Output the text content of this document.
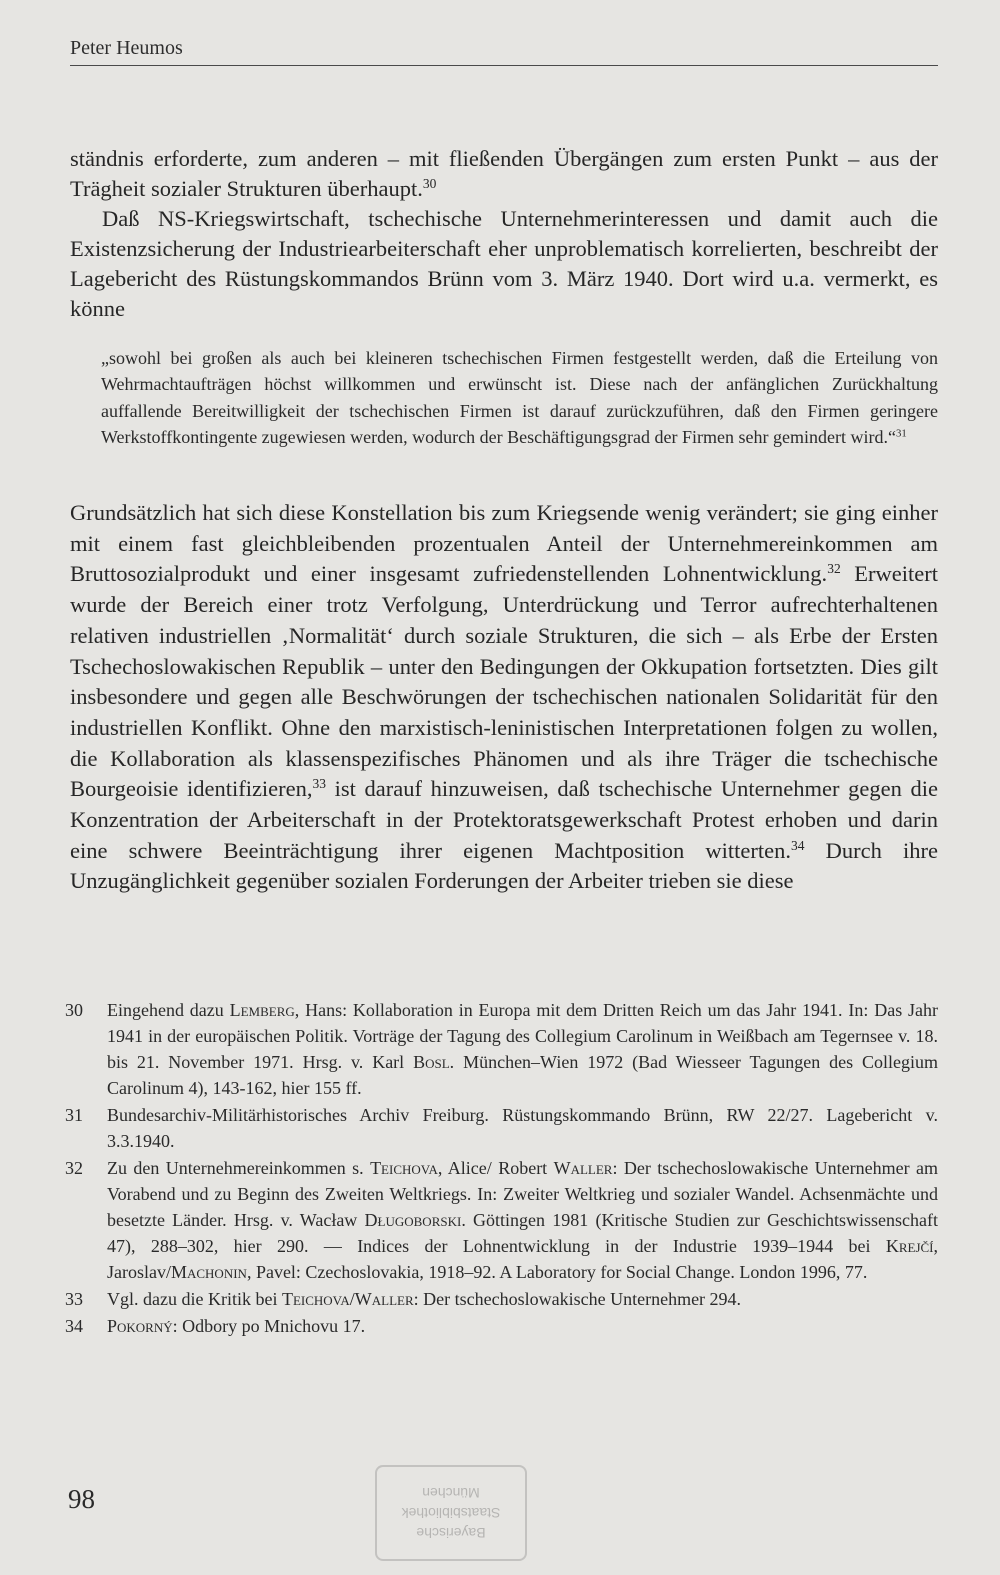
Peter Heumos

ständnis erforderte, zum anderen – mit fließenden Übergängen zum ersten Punkt – aus der Trägheit sozialer Strukturen überhaupt.$^{30}$

Daß NS-Kriegswirtschaft, tschechische Unternehmerinteressen und damit auch die Existenzsicherung der Industriearbeiterschaft eher unproblematisch korrelierten, beschreibt der Lagebericht des Rüstungskommandos Brünn vom 3. März 1940. Dort wird u.a. vermerkt, es könne

„sowohl bei großen als auch bei kleineren tschechischen Firmen festgestellt werden, daß die Erteilung von Wehrmachtaufträgen höchst willkommen und erwünscht ist. Diese nach der anfänglichen Zurückhaltung auffallende Bereitwilligkeit der tschechischen Firmen ist darauf zurückzuführen, daß den Firmen geringere Werkstoffkontingente zugewiesen werden, wodurch der Beschäftigungsgrad der Firmen sehr gemindert wird.“$^{31}$

Grundsätzlich hat sich diese Konstellation bis zum Kriegsende wenig verändert; sie ging einher mit einem fast gleichbleibenden prozentualen Anteil der Unternehmereinkommen am Bruttosozialprodukt und einer insgesamt zufriedenstellenden Lohnentwicklung.$^{32}$ Erweitert wurde der Bereich einer trotz Verfolgung, Unterdrückung und Terror aufrechterhaltenen relativen industriellen ‚Normalität‘ durch soziale Strukturen, die sich – als Erbe der Ersten Tschechoslowakischen Republik – unter den Bedingungen der Okkupation fortsetzten. Dies gilt insbesondere und gegen alle Beschwörungen der tschechischen nationalen Solidarität für den industriellen Konflikt. Ohne den marxistisch-leninistischen Interpretationen folgen zu wollen, die Kollaboration als klassenspezifisches Phänomen und als ihre Träger die tschechische Bourgeoisie identifizieren,$^{33}$ ist darauf hinzuweisen, daß tschechische Unternehmer gegen die Konzentration der Arbeiterschaft in der Protektoratsgewerkschaft Protest erhoben und darin eine schwere Beeinträchtigung ihrer eigenen Machtposition witterten.$^{34}$ Durch ihre Unzugänglichkeit gegenüber sozialen Forderungen der Arbeiter trieben sie diese

30	Eingehend dazu Lemberg, Hans: Kollaboration in Europa mit dem Dritten Reich um das Jahr 1941. In: Das Jahr 1941 in der europäischen Politik. Vorträge der Tagung des Collegium Carolinum in Weißbach am Tegernsee v. 18. bis 21. November 1971. Hrsg. v. Karl Bosl. München–Wien 1972 (Bad Wiesseer Tagungen des Collegium Carolinum 4), 143-162, hier 155 ff.
31	Bundesarchiv-Militärhistorisches Archiv Freiburg. Rüstungskommando Brünn, RW 22/27. Lagebericht v. 3.3.1940.
32	Zu den Unternehmereinkommen s. Teichova, Alice/ Robert Waller: Der tschechoslowakische Unternehmer am Vorabend und zu Beginn des Zweiten Weltkriegs. In: Zweiter Weltkrieg und sozialer Wandel. Achsenmächte und besetzte Länder. Hrsg. v. Wacław Długoborski. Göttingen 1981 (Kritische Studien zur Geschichtswissenschaft 47), 288–302, hier 290. — Indices der Lohnentwicklung in der Industrie 1939–1944 bei Krejčí, Jaroslav/Machonin, Pavel: Czechoslovakia, 1918–92. A Laboratory for Social Change. London 1996, 77.
33	Vgl. dazu die Kritik bei Teichova/Waller: Der tschechoslowakische Unternehmer 294.
34	Pokorný: Odbory po Mnichovu 17.
98
Bayerische
Staatsbibliothek
München
